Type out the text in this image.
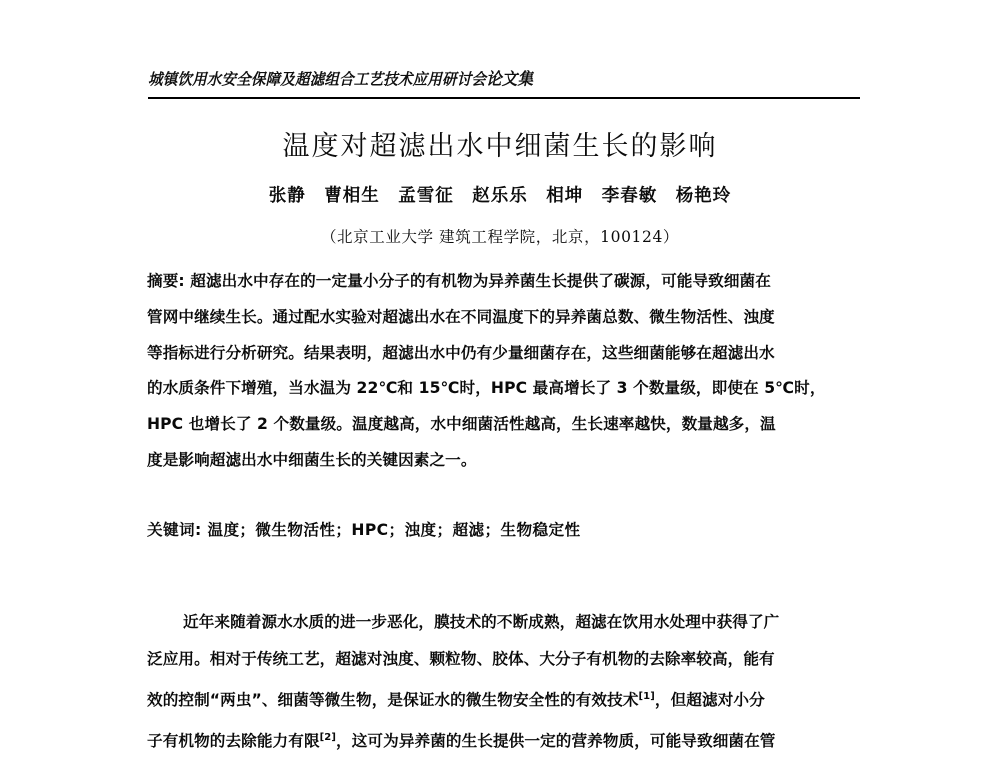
城镇饮用水安全保障及超滤组合工艺技术应用研讨会论文集
温度对超滤出水中细菌生长的影响
张静　曹相生　孟雪征　赵乐乐　相坤　李春敏　杨艳玲
（北京工业大学 建筑工程学院，北京，100124）
摘要: 超滤出水中存在的一定量小分子的有机物为异养菌生长提供了碳源，可能导致细菌在
管网中继续生长。通过配水实验对超滤出水在不同温度下的异养菌总数、微生物活性、浊度
等指标进行分析研究。结果表明，超滤出水中仍有少量细菌存在，这些细菌能够在超滤出水
的水质条件下增殖，当水温为 22℃和 15℃时，HPC 最高增长了 3 个数量级，即使在 5℃时，
HPC 也增长了 2 个数量级。温度越高，水中细菌活性越高，生长速率越快，数量越多，温
度是影响超滤出水中细菌生长的关键因素之一。
关键词: 温度；微生物活性；HPC；浊度；超滤；生物稳定性
近年来随着源水水质的进一步恶化，膜技术的不断成熟，超滤在饮用水处理中获得了广
泛应用。相对于传统工艺，超滤对浊度、颗粒物、胶体、大分子有机物的去除率较高，能有
效的控制“两虫”、细菌等微生物，是保证水的微生物安全性的有效技术[1]，但超滤对小分
子有机物的去除能力有限[2]，这可为异养菌的生长提供一定的营养物质，可能导致细菌在管
